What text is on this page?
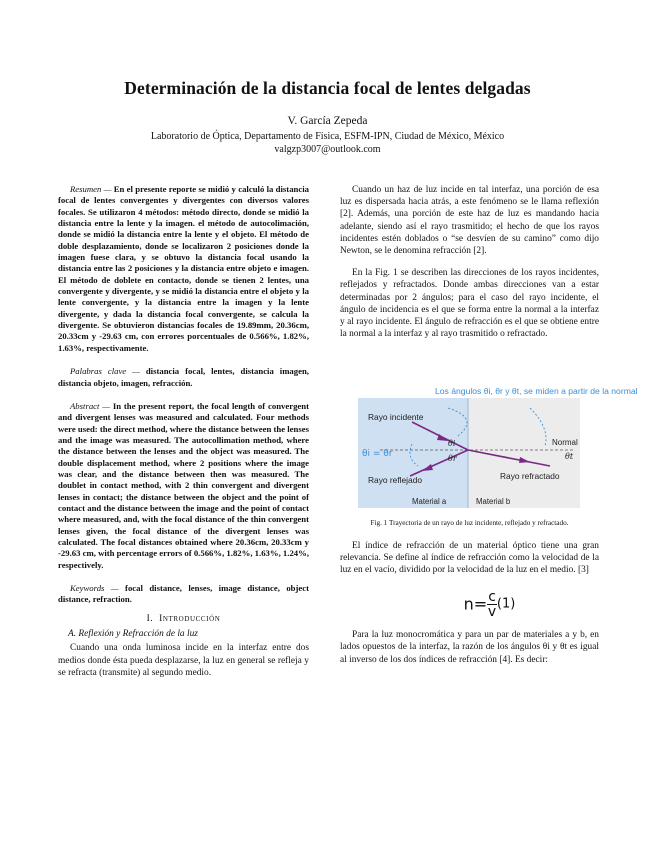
Determinación de la distancia focal de lentes delgadas
V. García Zepeda
Laboratorio de Óptica, Departamento de Física, ESFM-IPN, Ciudad de México, México
valgzp3007@outlook.com
Resumen — En el presente reporte se midió y calculó la distancia focal de lentes convergentes y divergentes con diversos valores focales. Se utilizaron 4 métodos: método directo, donde se midió la distancia entre la lente y la imagen. el método de autocolimación, donde se midió la distancia entre la lente y el objeto. El método de doble desplazamiento, donde se localizaron 2 posiciones donde la imagen fuese clara, y se obtuvo la distancia focal usando la distancia entre las 2 posiciones y la distancia entre objeto e imagen. El método de doblete en contacto, donde se tienen 2 lentes, una convergente y divergente, y se midió la distancia entre el objeto y la lente convergente, y la distancia entre la imagen y la lente divergente, y dada la distancia focal convergente, se calcula la divergente. Se obtuvieron distancias focales de 19.89mm, 20.36cm, 20.33cm y -29.63 cm, con errores porcentuales de 0.566%, 1.82%, 1.63%, respectivamente.
Palabras clave — distancia focal, lentes, distancia imagen, distancia objeto, imagen, refracción.
Abstract — In the present report, the focal length of convergent and divergent lenses was measured and calculated. Four methods were used: the direct method, where the distance between the lenses and the image was measured. The autocollimation method, where the distance between the lenses and the object was measured. The double displacement method, where 2 positions where the image was clear, and the distance between then was measured. The doublet in contact method, with 2 thin convergent and divergent lenses in contact; the distance between the object and the point of contact and the distance between the image and the point of contact where measured, and, with the focal distance of the thin convergent lenses given, the focal distance of the divergent lenses was calculated. The focal distances obtained where 20.36cm, 20.33cm y -29.63 cm, with percentage errors of 0.566%, 1.82%, 1.63%, 1.24%, respectively.
Keywords — focal distance, lenses, image distance, object distance, refraction.
I. Introducción
A. Reflexión y Refracción de la luz
Cuando una onda luminosa incide en la interfaz entre dos medios donde ésta pueda desplazarse, la luz en general se refleja y se refracta (transmite) al segundo medio.
Cuando un haz de luz incide en tal interfaz, una porción de esa luz es dispersada hacia atrás, a este fenómeno se le llama reflexión [2]. Además, una porción de este haz de luz es mandando hacia adelante, siendo así el rayo trasmitido; el hecho de que los rayos incidentes estén doblados o “se desvíen de su camino” como dijo Newton, se le denomina refracción [2].
En la Fig. 1 se describen las direcciones de los rayos incidentes, reflejados y refractados. Donde ambas direcciones van a estar determinadas por 2 ángulos; para el caso del rayo incidente, el ángulo de incidencia es el que se forma entre la normal a la interfaz y al rayo incidente. El ángulo de refracción es el que se obtiene entre la normal a la interfaz y al rayo trasmitido o refractado.
Los ángulos θi, θr y θt, se miden a partir de la normal
Rayo incidente
Rayo reflejado	Rayo refractado
Normal
θi = θr
θi
θr	θt
Material a	Material b
Fig. 1 Trayectoria de un rayo de luz incidente, reflejado y refractado.
El índice de refracción de un material óptico tiene una gran relevancia. Se define al índice de refracción como la velocidad de la luz en el vacío, dividido por la velocidad de la luz en el medio. [3]
$n= \frac{c}{v} (1)$
Para la luz monocromática y para un par de materiales a y b, en lados opuestos de la interfaz, la razón de los ángulos θi y θt es igual al inverso de los dos índices de refracción [4]. Es decir:
